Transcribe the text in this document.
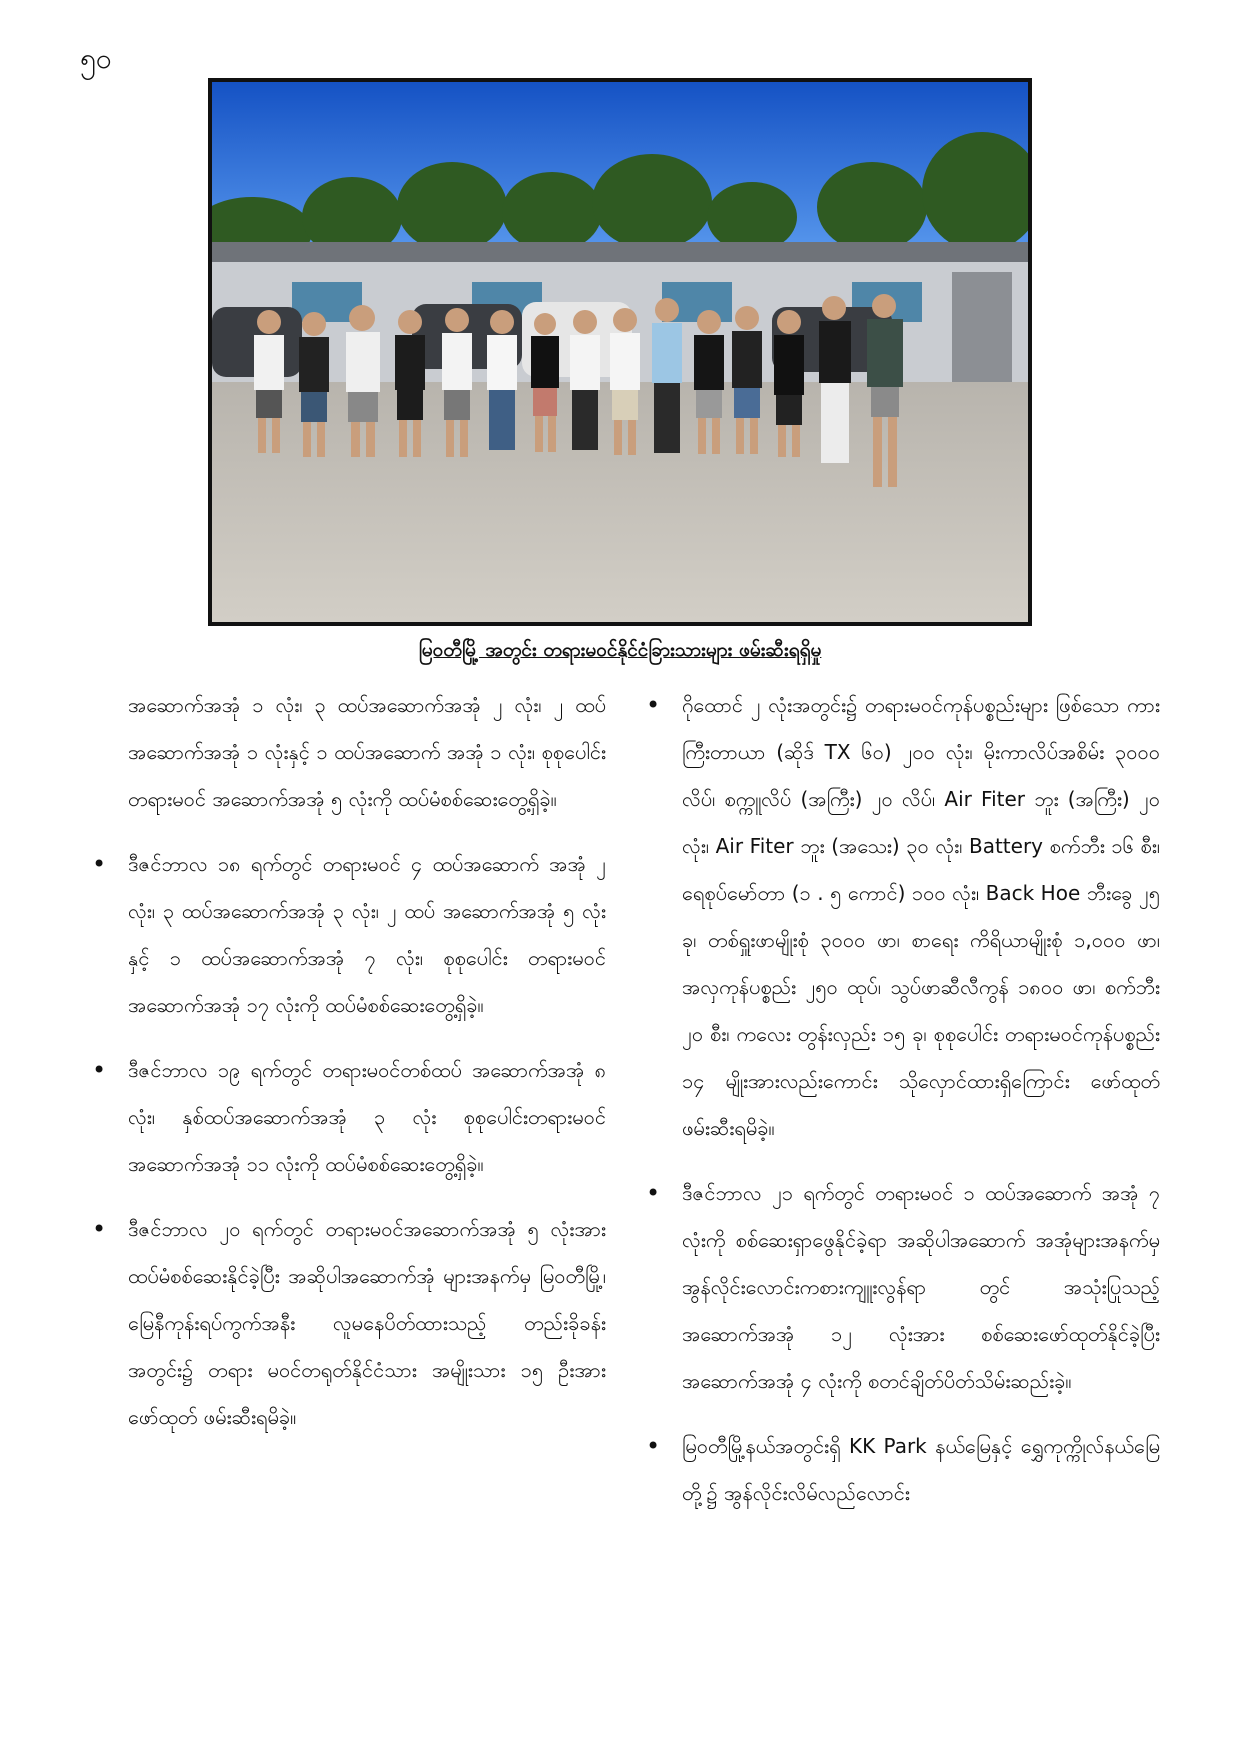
၅၀
မြဝတီမြို့ အတွင်း တရားမဝင်နိုင်ငံခြားသားများ ဖမ်းဆီးရရှိမှု

အဆောက်အအုံ ၁ လုံး၊ ၃ ထပ်အဆောက်အအုံ ၂ လုံး၊ ၂ ထပ်အဆောက်အအုံ ၁ လုံးနှင့် ၁ ထပ်အဆောက် အအုံ ၁ လုံး၊ စုစုပေါင်း တရားမဝင် အဆောက်အအုံ ၅ လုံးကို ထပ်မံစစ်ဆေးတွေ့ရှိခဲ့။

• ဒီဇင်ဘာလ ၁၈ ရက်တွင် တရားမဝင် ၄ ထပ်အဆောက် အအုံ ၂ လုံး၊ ၃ ထပ်အဆောက်အအုံ ၃ လုံး၊ ၂ ထပ် အဆောက်အအုံ ၅ လုံးနှင့် ၁ ထပ်အဆောက်အအုံ ၇ လုံး၊ စုစုပေါင်း တရားမဝင်အဆောက်အအုံ ၁၇ လုံးကို ထပ်မံစစ်ဆေးတွေ့ရှိခဲ့။

• ဒီဇင်ဘာလ ၁၉ ရက်တွင် တရားမဝင်တစ်ထပ် အဆောက်အအုံ ၈ လုံး၊ နှစ်ထပ်အဆောက်အအုံ ၃ လုံး စုစုပေါင်းတရားမဝင် အဆောက်အအုံ ၁၁ လုံးကို ထပ်မံစစ်ဆေးတွေ့ရှိခဲ့။

• ဒီဇင်ဘာလ ၂၀ ရက်တွင် တရားမဝင်အဆောက်အအုံ ၅ လုံးအား ထပ်မံစစ်ဆေးနိုင်ခဲ့ပြီး အဆိုပါအဆောက်အုံ များအနက်မှ မြဝတီမြို့၊ မြေနီကုန်းရပ်ကွက်အနီး လူမနေပိတ်ထားသည့် တည်းခိုခန်းအတွင်း၌ တရား မဝင်တရုတ်နိုင်ငံသား အမျိုးသား ၁၅ ဦးအား ဖော်ထုတ် ဖမ်းဆီးရမိခဲ့။

• ဂိုထောင် ၂ လုံးအတွင်း၌ တရားမဝင်ကုန်ပစ္စည်းများ ဖြစ်သော ကားကြီးတာယာ (ဆိုဒ် TX ၆၀) ၂၀၀ လုံး၊ မိုးကာလိပ်အစိမ်း ၃၀၀၀ လိပ်၊ စက္ကူလိပ် (အကြီး) ၂၀ လိပ်၊ Air Fiter ဘူး (အကြီး) ၂၀ လုံး၊ Air Fiter ဘူး (အသေး) ၃၀ လုံး၊ Battery စက်ဘီး ၁၆ စီး၊ ရေစုပ်မော်တာ (၁ . ၅ ကောင်) ၁၀၀ လုံး၊ Back Hoe ဘီးခွေ ၂၅ ခု၊ တစ်ရှူးဖာမျိုးစုံ ၃၀၀၀ ဖာ၊ စာရေး ကိရိယာမျိုးစုံ ၁,၀၀၀ ဖာ၊ အလှကုန်ပစ္စည်း ၂၅၀ ထုပ်၊ သွပ်ဖာဆီလီကွန် ၁၈၀၀ ဖာ၊ စက်ဘီး ၂၀ စီး၊ ကလေး တွန်းလှည်း ၁၅ ခု၊ စုစုပေါင်း တရားမဝင်ကုန်ပစ္စည်း ၁၄ မျိုးအားလည်းကောင်း သိုလှောင်ထားရှိကြောင်း ဖော်ထုတ်ဖမ်းဆီးရမိခဲ့။

• ဒီဇင်ဘာလ ၂၁ ရက်တွင် တရားမဝင် ၁ ထပ်အဆောက် အအုံ ၇ လုံးကို စစ်ဆေးရှာဖွေနိုင်ခဲ့ရာ အဆိုပါအဆောက် အအုံများအနက်မှ အွန်လိုင်းလောင်းကစားကျူးလွန်ရာ တွင် အသုံးပြုသည့် အဆောက်အအုံ ၁၂ လုံးအား စစ်ဆေးဖော်ထုတ်နိုင်ခဲ့ပြီး အဆောက်အအုံ ၄ လုံးကို စတင်ချိတ်ပိတ်သိမ်းဆည်းခဲ့။

• မြဝတီမြို့နယ်အတွင်းရှိ KK Park နယ်မြေနှင့် ရွှေကုက္ကိုလ်နယ်မြေတို့၌ အွန်လိုင်းလိမ်လည်လောင်း
